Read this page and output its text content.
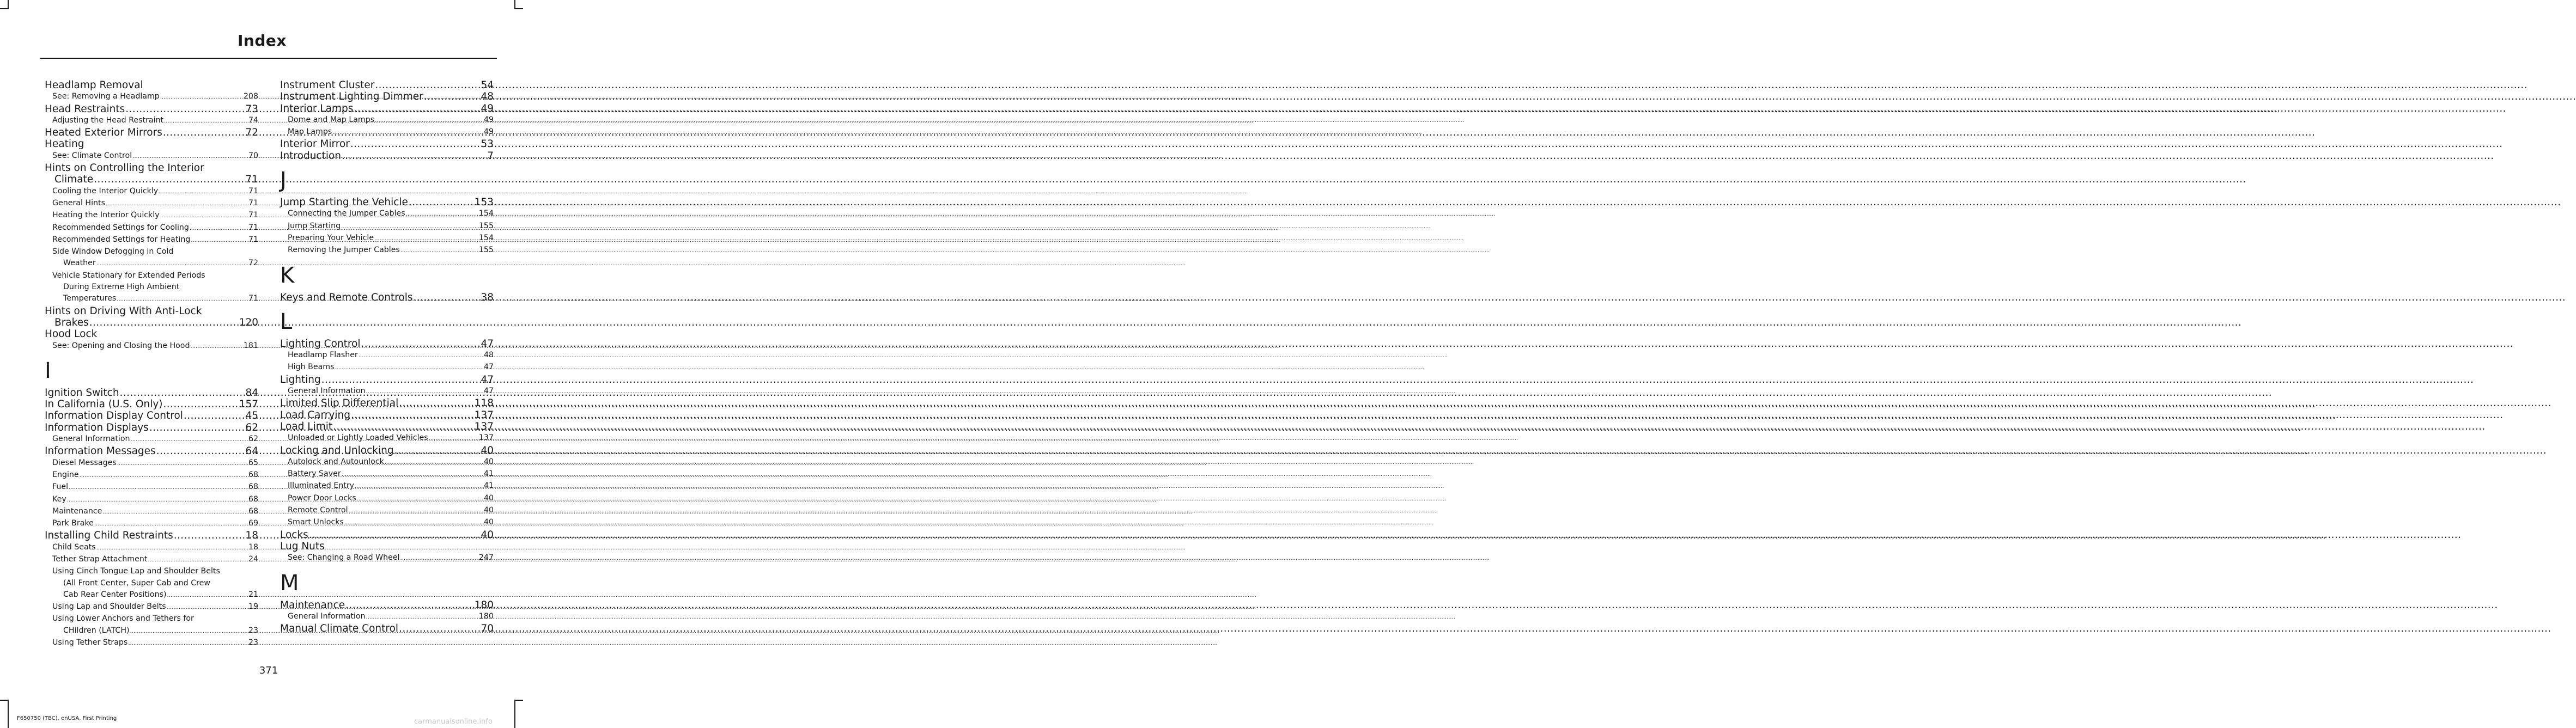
Index
Headlamp Removal
See: Removing a Headlamp .....	208
Head Restraints .....	73
Adjusting the Head Restraint .....	74
Heated Exterior Mirrors .....	72
Heating
See: Climate Control .....	70
Hints on Controlling the Interior
Climate .....	71
Cooling the Interior Quickly .....	71
General Hints .....	71
Heating the Interior Quickly .....	71
Recommended Settings for Cooling .....	71
Recommended Settings for Heating .....	71
Side Window Defogging in Cold
Weather .....	72
Vehicle Stationary for Extended Periods
During Extreme High Ambient
Temperatures .....	71
Hints on Driving With Anti-Lock
Brakes .....	120
Hood Lock
See: Opening and Closing the Hood .....	181
I
Ignition Switch .....	84
In California (U.S. Only) .....	157
Information Display Control .....	45
Information Displays .....	62
General Information .....	62
Information Messages .....	64
Diesel Messages .....	65
Engine .....	68
Fuel .....	68
Key .....	68
Maintenance .....	68
Park Brake .....	69
Installing Child Restraints .....	18
Child Seats .....	18
Tether Strap Attachment .....	24
Using Cinch Tongue Lap and Shoulder Belts
(All Front Center, Super Cab and Crew
Cab Rear Center Positions) .....	21
Using Lap and Shoulder Belts .....	19
Using Lower Anchors and Tethers for
CHildren (LATCH) .....	23
Using Tether Straps .....	23
Instrument Cluster .....	54
Instrument Lighting Dimmer .....	48
Interior Lamps .....	49
Dome and Map Lamps .....	49
Map Lamps .....	49
Interior Mirror .....	53
Introduction .....	7
J
Jump Starting the Vehicle .....	153
Connecting the Jumper Cables .....	154
Jump Starting .....	155
Preparing Your Vehicle .....	154
Removing the Jumper Cables .....	155
K
Keys and Remote Controls .....	38
L
Lighting Control .....	47
Headlamp Flasher .....	48
High Beams .....	47
Lighting .....	47
General Information .....	47
Limited Slip Differential .....	118
Load Carrying .....	137
Load Limit .....	137
Unloaded or Lightly Loaded Vehicles .....	137
Locking and Unlocking .....	40
Autolock and Autounlock .....	40
Battery Saver .....	41
Illuminated Entry .....	41
Power Door Locks .....	40
Remote Control .....	40
Smart Unlocks .....	40
Locks .....	40
Lug Nuts
See: Changing a Road Wheel .....	247
M
Maintenance .....	180
General Information .....	180
Manual Climate Control .....	70
371
F650750 (TBC), enUSA, First Printing	carmanualsonline.info
